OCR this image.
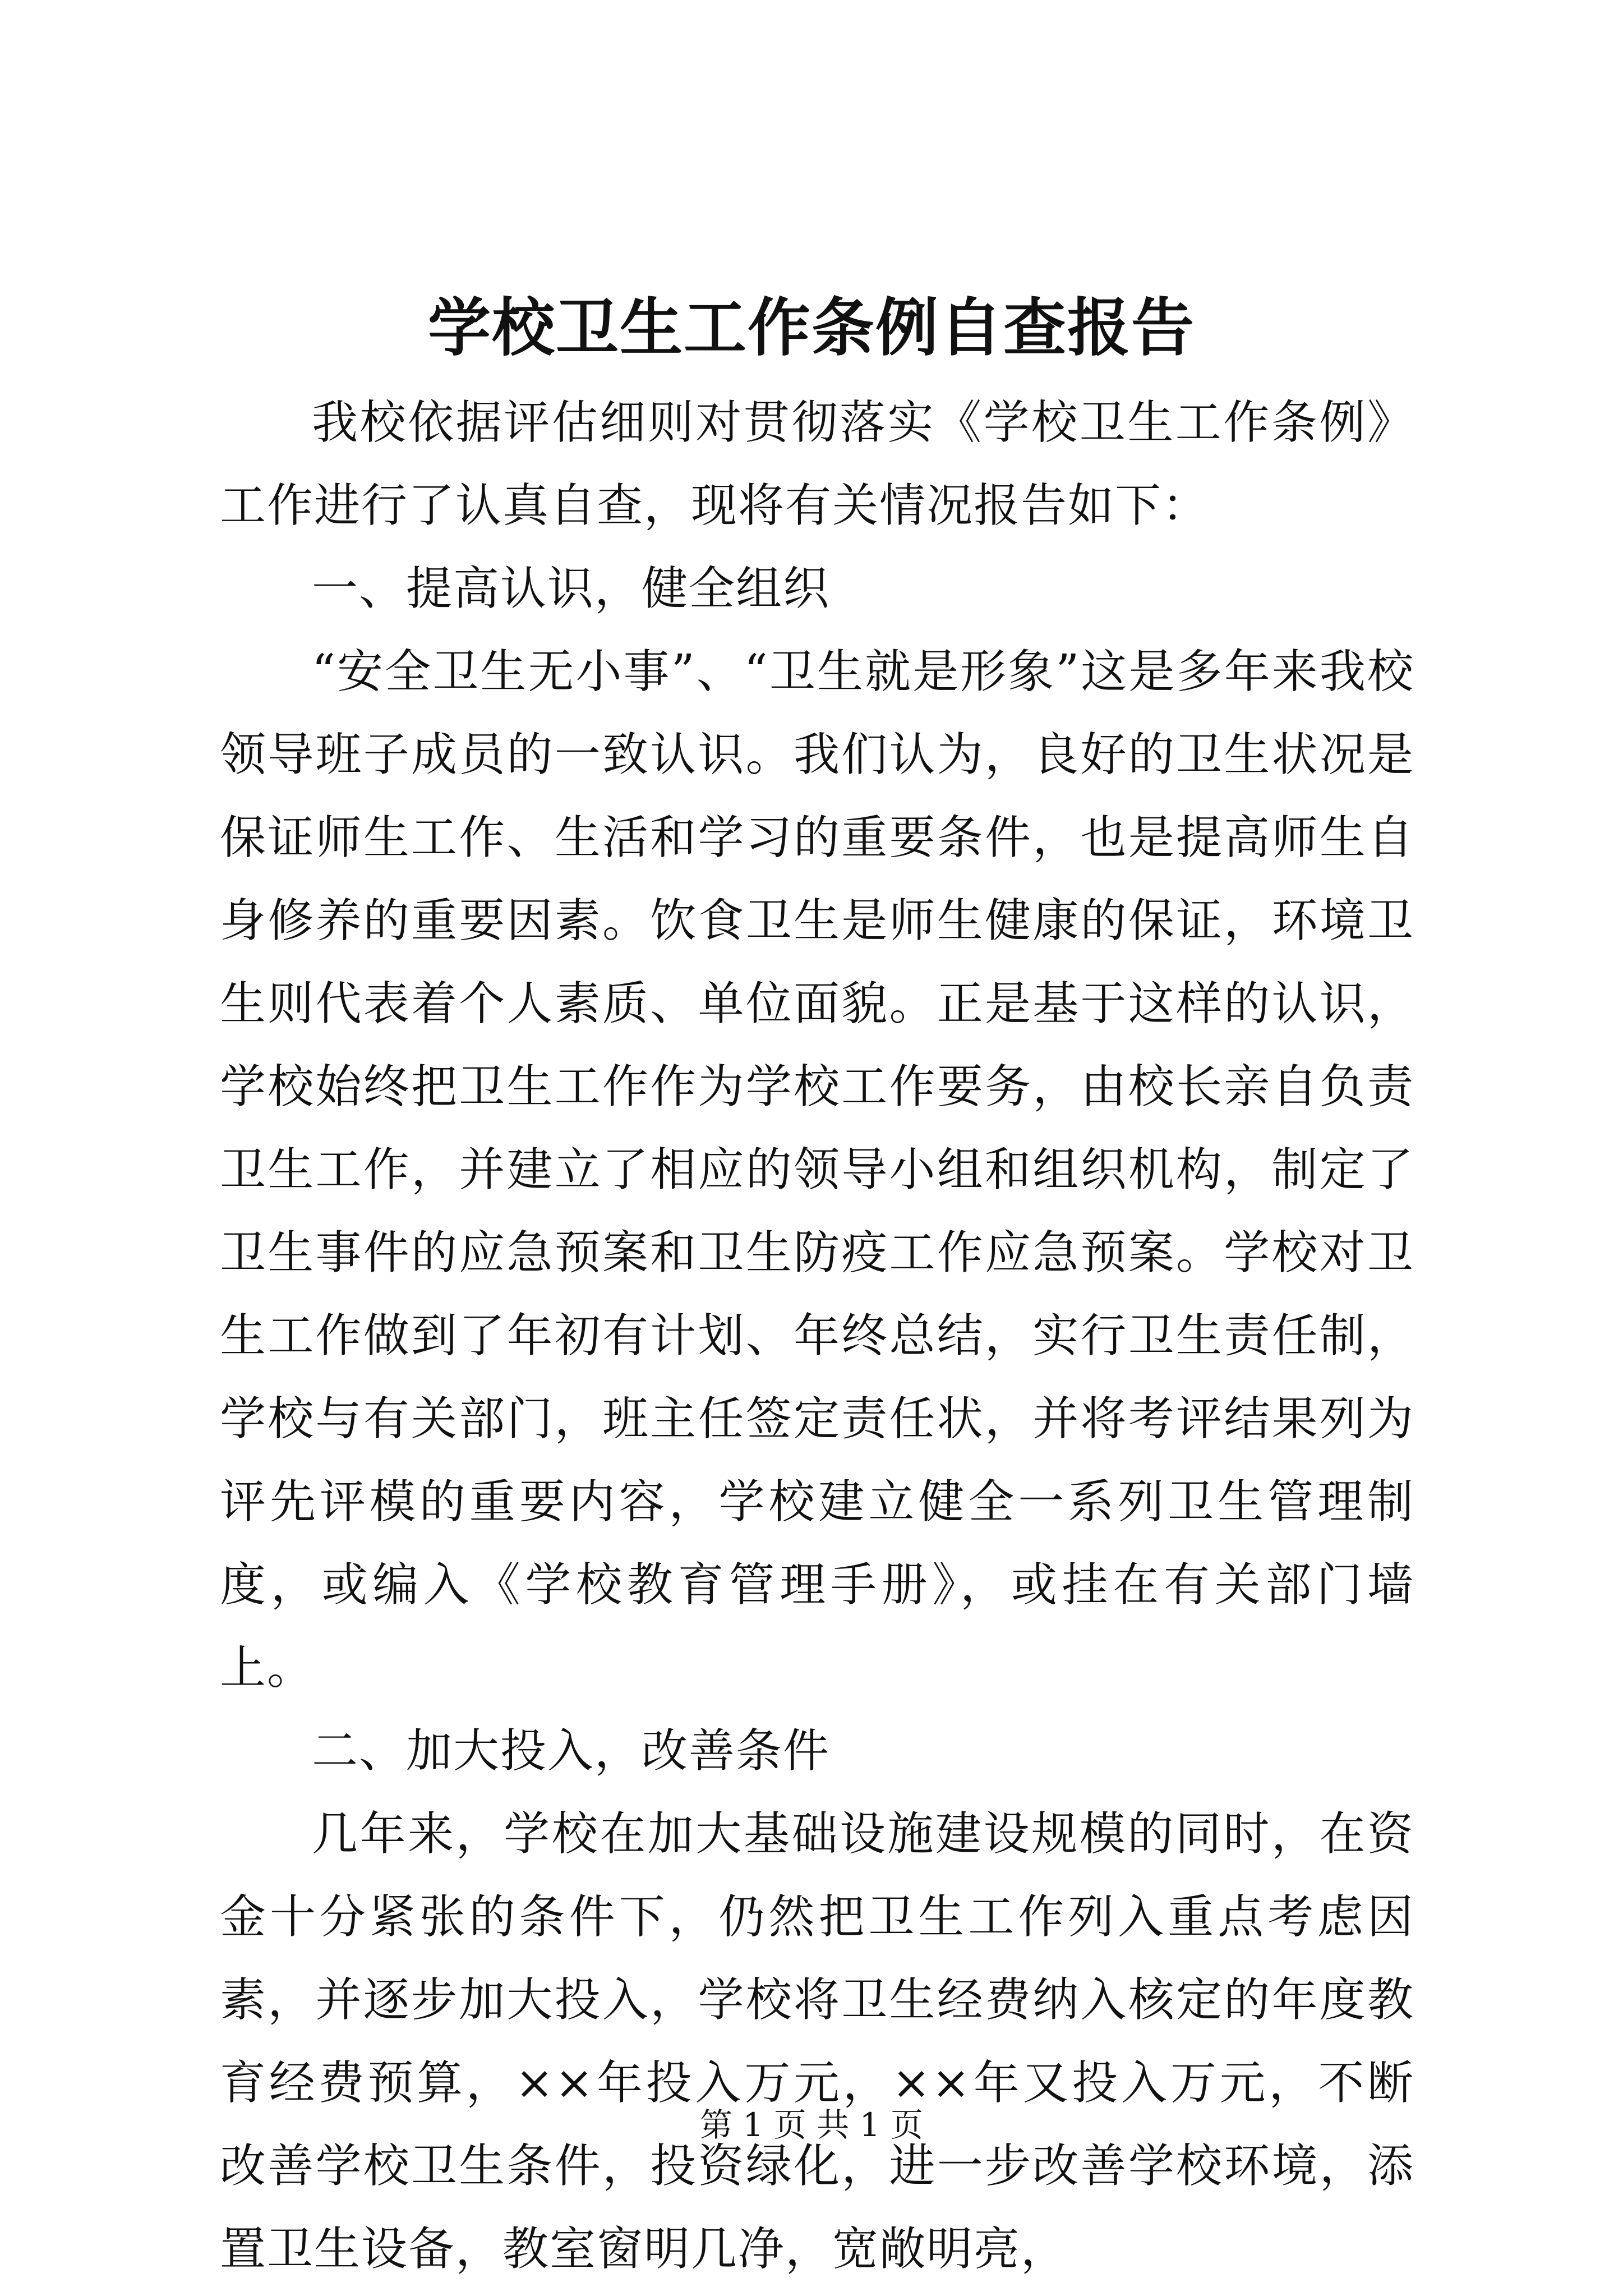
学校卫生工作条例自查报告

我校依据评估细则对贯彻落实《学校卫生工作条例》工作进行了认真自查，现将有关情况报告如下：

一、提高认识，健全组织

“安全卫生无小事”、“卫生就是形象”这是多年来我校领导班子成员的一致认识。我们认为，良好的卫生状况是保证师生工作、生活和学习的重要条件，也是提高师生自身修养的重要因素。饮食卫生是师生健康的保证，环境卫生则代表着个人素质、单位面貌。正是基于这样的认识，学校始终把卫生工作作为学校工作要务，由校长亲自负责卫生工作，并建立了相应的领导小组和组织机构，制定了卫生事件的应急预案和卫生防疫工作应急预案。学校对卫生工作做到了年初有计划、年终总结，实行卫生责任制，学校与有关部门，班主任签定责任状，并将考评结果列为评先评模的重要内容，学校建立健全一系列卫生管理制度，或编入《学校教育管理手册》，或挂在有关部门墙上。

二、加大投入，改善条件

几年来，学校在加大基础设施建设规模的同时，在资金十分紧张的条件下，仍然把卫生工作列入重点考虑因素，并逐步加大投入，学校将卫生经费纳入核定的年度教育经费预算，××年投入万元，××年又投入万元，不断改善学校卫生条件，投资绿化，进一步改善学校环境，添置卫生设备，教室窗明几净，宽敞明亮，

第 1 页 共 1 页
